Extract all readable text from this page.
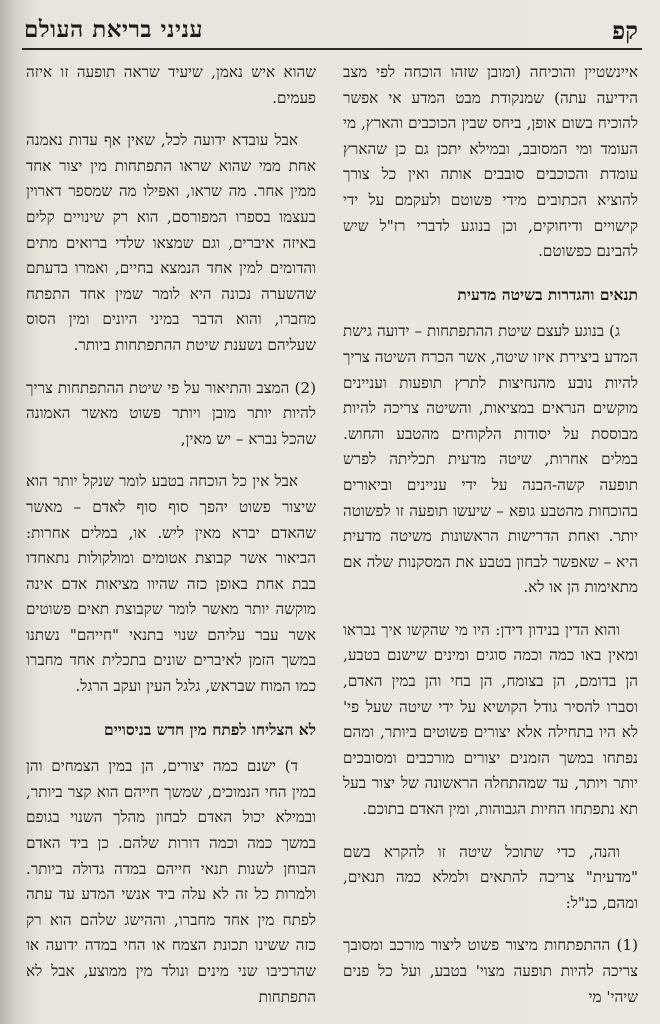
קפ
ענ‎יני בריאת העולם

איינשטיין והוכיחה (ומובן שזהו הוכחה לפי מצב הידיעה עתה) שמנקודת מבט המדע אי אפשר להוכיח בשום אופן, ביחס שבין הכוכבים והארץ, מי העומד ומי המסובב, ובמילא יתכן גם כן שהארץ עומדת והכוכבים סובבים אותה ואין כל צורך להוציא הכתובים מידי פשוטם ולעקמם על ידי קישויים ודיחוקים, וכן בנוגע לדברי רז"ל שיש להבינם כפשוטם.

תנאים והגדרות בשיטה מדעית

ג) בנוגע לעצם שיטת ההתפתחות – ידועה גישת המדע ביצירת איזו שיטה, אשר הכרח השיטה צריך להיות נובע מהנחיצות לתרץ תופעות ועניינים מוקשים הנראים במציאות, והשיטה צריכה להיות מבוססת על יסודות הלקוחים מהטבע והחוש. במלים אחרות, שיטה מדעית תכליתה לפרש תופעה קשה-הבנה על ידי עניינים וביאורים בהוכחות מהטבע גופא – שיעשו תופעה זו לפשוטה יותר. ואחת הדרישות הראשונות משיטה מדעית היא – שאפשר לבחון בטבע את המסקנות שלה אם מתאימות הן או לא.

והוא הדין בנידון דידן: היו מי שהקשו איך נבראו ומאין באו כמה וכמה סוגים ומינים שישנם בטבע, הן בדומם, הן בצומח, הן בחי והן במין האדם, וסברו להסיר גודל הקושיא על ידי שיטה שעל פי' לא היו בתחילה אלא יצורים פשוטים ביותר, ומהם נפתחו במשך הזמנים יצורים מורכבים ומסובכים יותר ויותר, עד שמהתחלה הראשונה של יצור בעל תא נתפתחו החיות הגבוהות, ומין האדם בתוכם.

והנה, כדי שתוכל שיטה זו להקרא בשם "מדעית" צריכה להתאים ולמלא כמה תנאים, ומהם, כנ"ל:

(1) ההתפתחות מיצור פשוט ליצור מורכב ומסובך צריכה להיות תופעה מצוי' בטבע, ועל כל פנים שיהי' מי

שהוא איש נאמן, שיעיד שראה תופעה זו איזה פעמים.

אבל עובדא ידועה לכל, שאין אף עדות נאמנה אחת ממי שהוא שראו התפתחות מין יצור אחד ממין אחר. מה שראו, ואפילו מה שמספר דארוין בעצמו בספרו המפורסם, הוא רק שינויים קלים באיזה איברים, וגם שמצאו שלדי ברואים מתים והדומים למין אחד הנמצא בחיים, ואמרו בדעתם שהשערה נכונה היא לומר שמין אחד התפתח מחברו, והוא הדבר במיני היונים ומין הסוס שעליהם נשענת שיטת ההתפתחות ביותר.

(2) המצב והתיאור על פי שיטת ההתפתחות צריך להיות יותר מובן ויותר פשוט מאשר האמונה שהכל נברא – יש מאין,

אבל אין כל הוכחה בטבע לומר שנקל יותר הוא שיצור פשוט יהפך סוף סוף לאדם – מאשר שהאדם יברא מאין ליש. או, במלים אחרות: הביאור אשר קבוצת אטומים ומולקולות נתאחדו בבת אחת באופן כזה שהיוו מציאות אדם אינה מוקשה יותר מאשר לומר שקבוצת תאים פשוטים אשר עבר עליהם שנוי בתנאי "חייהם" נשתנו במשך הזמן לאיברים שונים בתכלית אחד מחברו כמו המוח שבראש, גלגל העין ועקב הרגל.

לא הצליחו לפתח מין חדש בניסויים

ד) ישנם כמה יצורים, הן במין הצמחים והן במין החי הנמוכים, שמשך חייהם הוא קצר ביותר, ובמילא יכול האדם לבחון מהלך השנוי בגופם במשך כמה וכמה דורות שלהם. כן ביד האדם הבוחן לשנות תנאי חייהם במדה גדולה ביותר. ולמרות כל זה לא עלה ביד אנשי המדע עד עתה לפתח מין אחד מחברו, וההישג שלהם הוא רק כזה ששינו תכונת הצמח או החי במדה ידועה או שהרכיבו שני מינים ונולד מין ממוצע, אבל לא התפתחות
